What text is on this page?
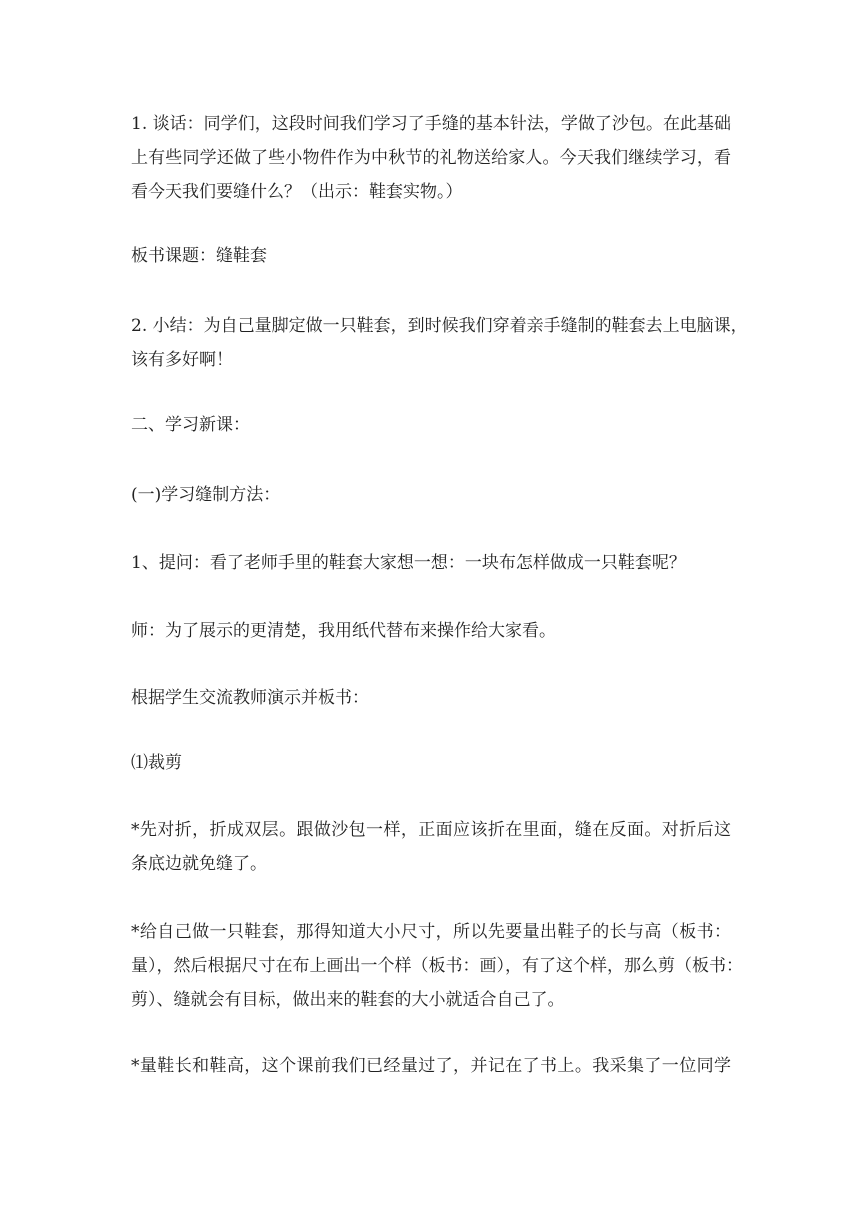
1. 谈话：同学们，这段时间我们学习了手缝的基本针法，学做了沙包。在此基础
上有些同学还做了些小物件作为中秋节的礼物送给家人。今天我们继续学习，看
看今天我们要缝什么？（出示：鞋套实物。）
板书课题：缝鞋套
2. 小结：为自己量脚定做一只鞋套，到时候我们穿着亲手缝制的鞋套去上电脑课，
该有多好啊！
二、学习新课：
(一)学习缝制方法：
1、提问：看了老师手里的鞋套大家想一想：一块布怎样做成一只鞋套呢？
师：为了展示的更清楚，我用纸代替布来操作给大家看。
根据学生交流教师演示并板书：
⑴裁剪
*先对折，折成双层。跟做沙包一样，正面应该折在里面，缝在反面。对折后这
条底边就免缝了。
*给自己做一只鞋套，那得知道大小尺寸，所以先要量出鞋子的长与高（板书：
量），然后根据尺寸在布上画出一个样（板书：画），有了这个样，那么剪（板书：
剪）、缝就会有目标，做出来的鞋套的大小就适合自己了。
*量鞋长和鞋高，这个课前我们已经量过了，并记在了书上。我采集了一位同学
